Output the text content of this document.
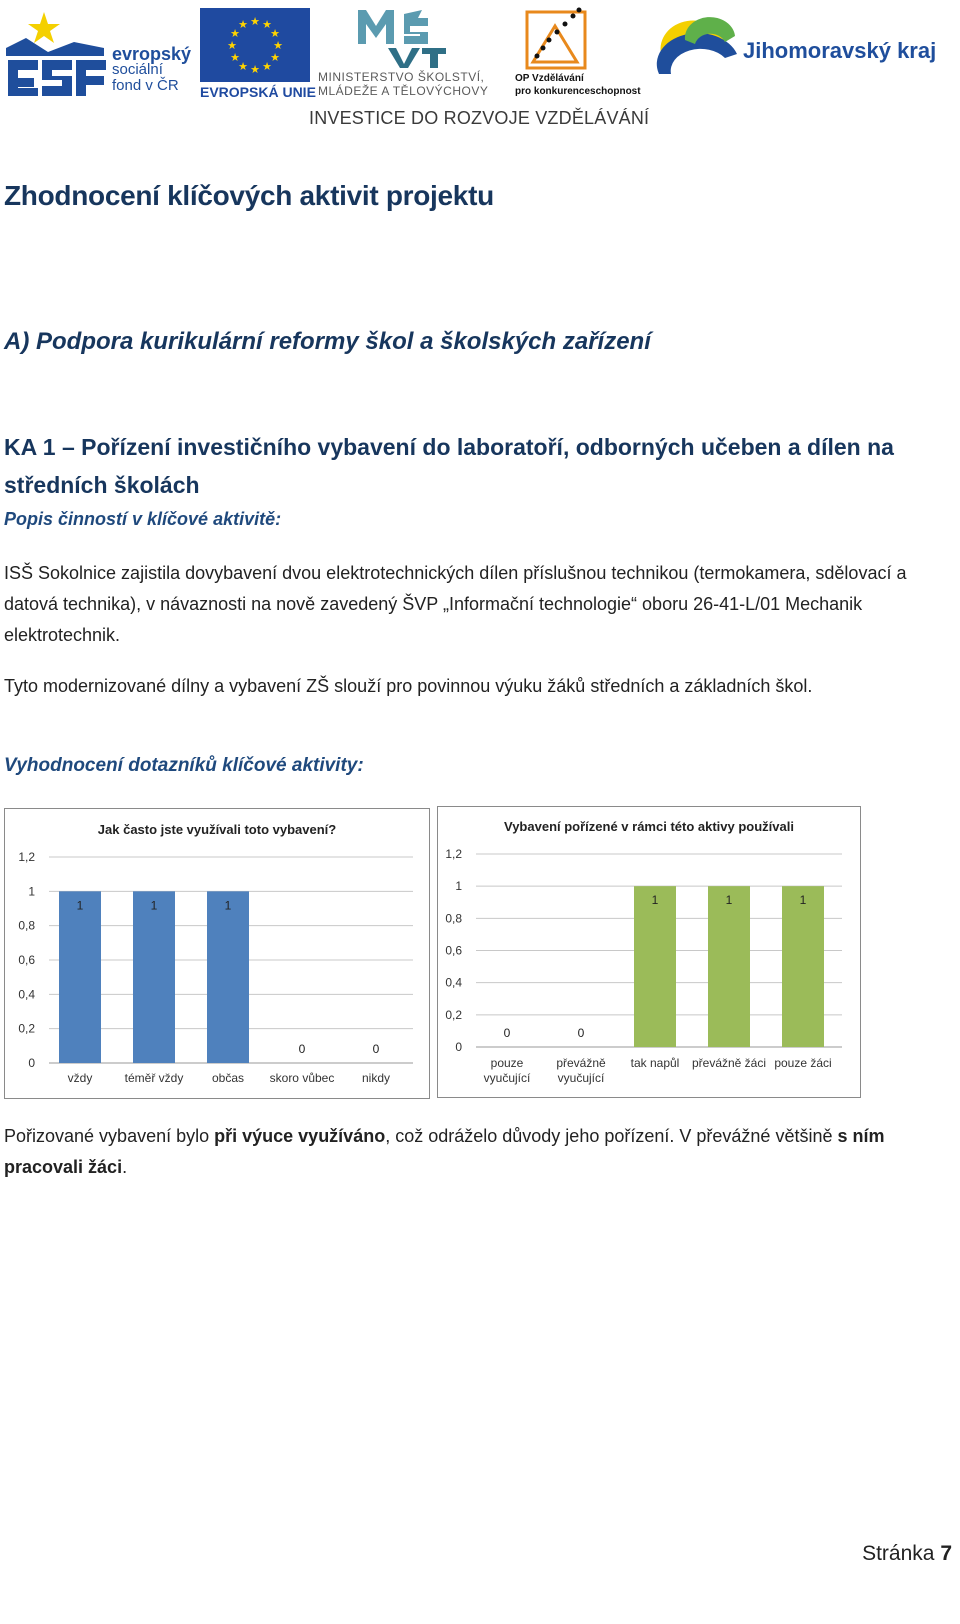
evropský
sociální
fond v ČR
★ ★
★
★
★
★
★
★
★
★
★
★
EVROPSKÁ UNIE
MINISTERSTVO ŠKOLSTVÍ,
MLÁDEŽE A TĚLOVÝCHOVY
OP Vzdělávání
pro konkurenceschopnost
Jihomoravský kraj
INVESTICE DO ROZVOJE VZDĚLÁVÁNÍ
Zhodnocení klíčových aktivit projektu
A) Podpora kurikulární reformy škol a školských zařízení
KA 1 – Pořízení investičního vybavení do laboratoří, odborných učeben a dílen na středních školách
Popis činností v klíčové aktivitě:
ISŠ Sokolnice zajistila dovybavení dvou elektrotechnických dílen příslušnou technikou (termokamera, sdělovací a datová technika), v návaznosti na nově zavedený ŠVP „Informační technologie“ oboru 26-41-L/01 Mechanik elektrotechnik.
Tyto modernizované dílny a vybavení ZŠ slouží pro povinnou výuku žáků středních a základních škol.
Vyhodnocení dotazníků klíčové aktivity:
Jak často jste využívali toto vybavení?
0
0,2
0,4
0,6
0,8
1
1,2
1
vždy
1
téměř vždy
1
občas
0
skoro vůbec
0
nikdy
Vybavení pořízené v rámci této aktivy používali
0
0,2
0,4
0,6
0,8
1
1,2
0
pouze vyučující
0
převážně vyučující
1
tak napůl
1
převážně žáci
1
pouze žáci
Pořizované vybavení bylo při výuce využíváno, což odráželo důvody jeho pořízení. V převážné většině s ním pracovali žáci.
Stránka 7
